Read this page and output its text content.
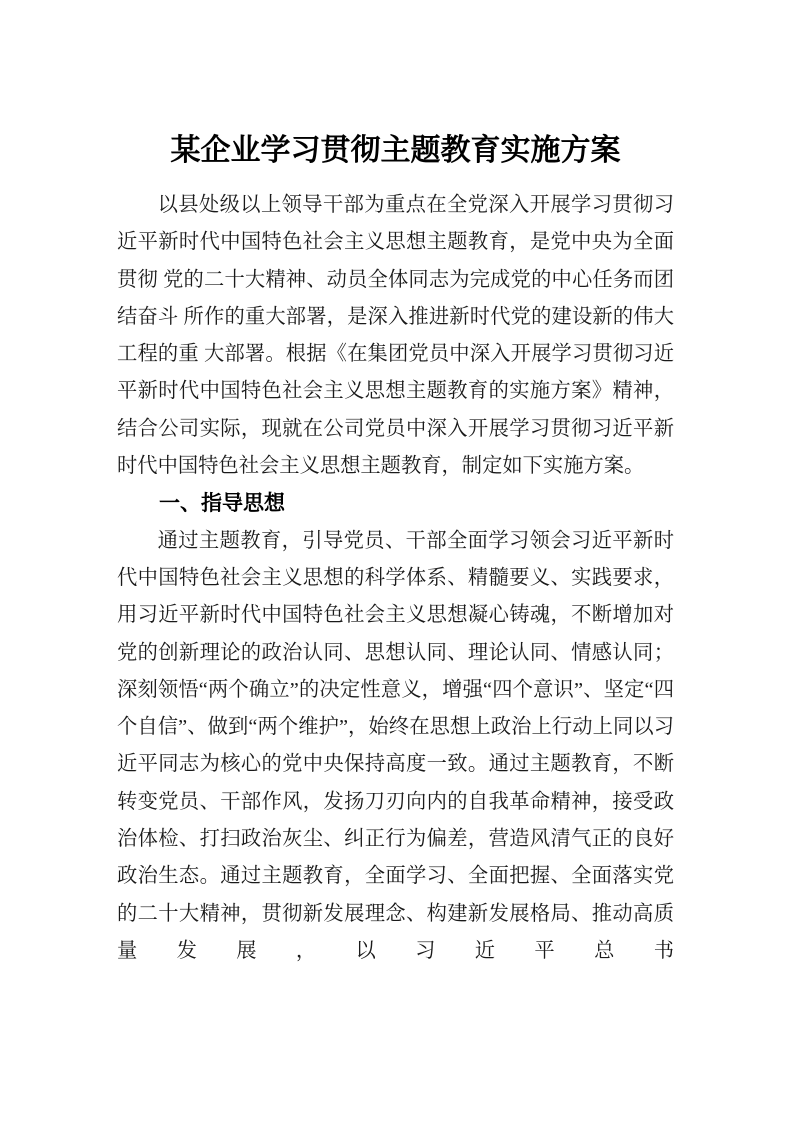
某企业学习贯彻主题教育实施方案

以县处级以上领导干部为重点在全党深入开展学习贯彻习近平新时代中国特色社会主义思想主题教育，是党中央为全面贯彻 党的二十大精神、动员全体同志为完成党的中心任务而团结奋斗 所作的重大部署，是深入推进新时代党的建设新的伟大工程的重 大部署。根据《在集团党员中深入开展学习贯彻习近平新时代中国特色社会主义思想主题教育的实施方案》精神，结合公司实际，现就在公司党员中深入开展学习贯彻习近平新时代中国特色社会主义思想主题教育，制定如下实施方案。

一、指导思想

通过主题教育，引导党员、干部全面学习领会习近平新时代中国特色社会主义思想的科学体系、精髓要义、实践要求，用习近平新时代中国特色社会主义思想凝心铸魂，不断增加对党的创新理论的政治认同、思想认同、理论认同、情感认同；深刻领悟“两个确立”的决定性意义，增强“四个意识”、坚定“四个自信”、做到“两个维护”，始终在思想上政治上行动上同以习近平同志为核心的党中央保持高度一致。通过主题教育，不断转变党员、干部作风，发扬刀刃向内的自我革命精神，接受政治体检、打扫政治灰尘、纠正行为偏差，营造风清气正的良好政治生态。通过主题教育，全面学习、全面把握、全面落实党的二十大精神，贯彻新发展理念、构建新发展格局、推动高质量发展，以习近平总书
